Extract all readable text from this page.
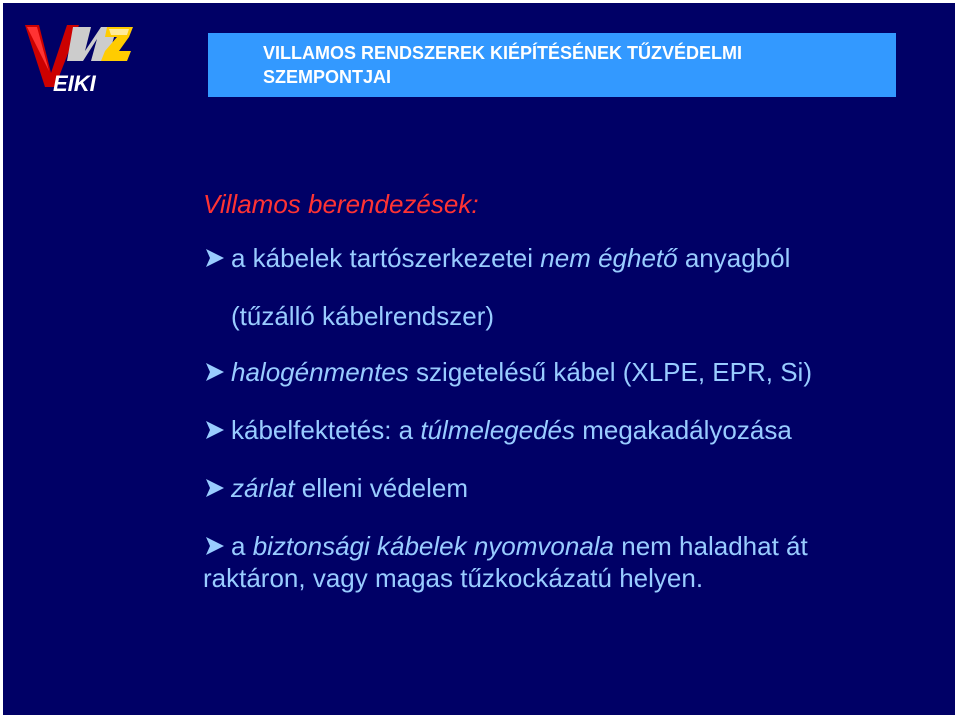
EIKI
VILLAMOS RENDSZEREK KIÉPÍTÉSÉNEK TŰZVÉDELMI
SZEMPONTJAI
Villamos berendezések:
a kábelek tartószerkezetei nem éghető anyagból
(tűzálló kábelrendszer)
halogénmentes szigetelésű kábel (XLPE, EPR, Si)
kábelfektetés: a túlmelegedés megakadályozása
zárlat elleni védelem
a biztonsági kábelek nyomvonala nem haladhat át
raktáron, vagy magas tűzkockázatú helyen.
